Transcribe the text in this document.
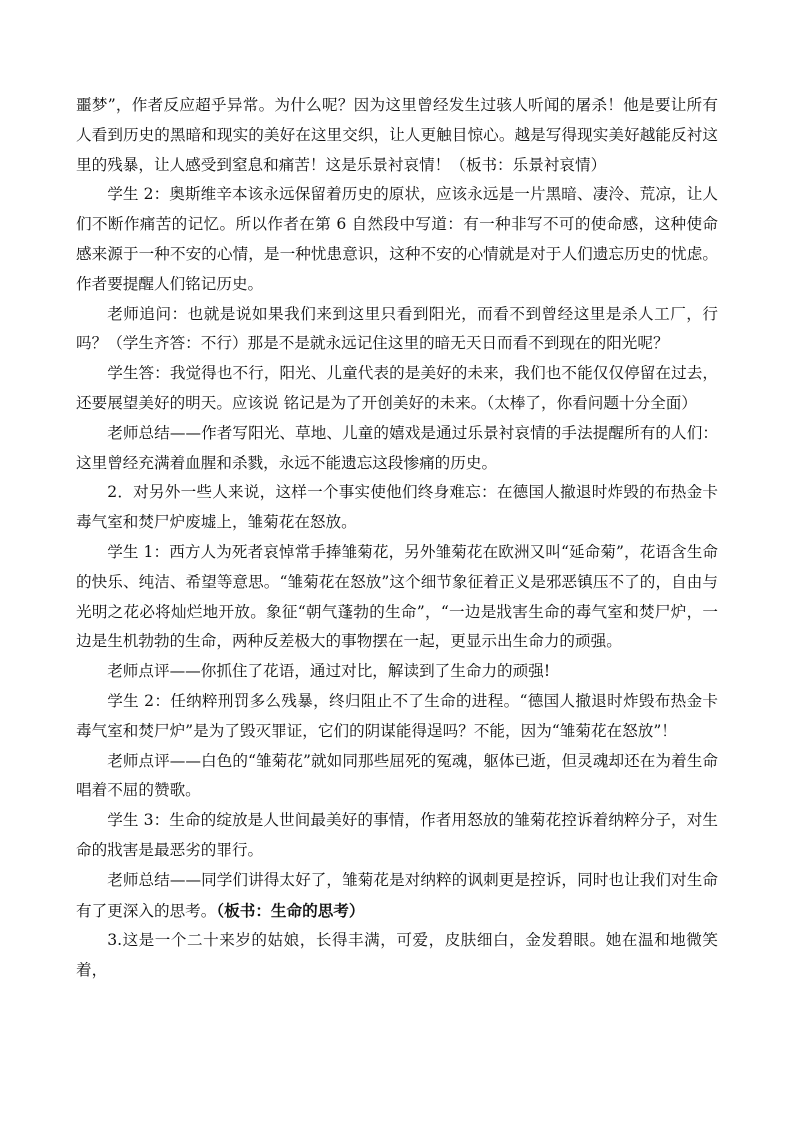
噩梦”，作者反应超乎异常。为什么呢？因为这里曾经发生过骇人听闻的屠杀！他是要让所有人看到历史的黑暗和现实的美好在这里交织，让人更触目惊心。越是写得现实美好越能反衬这里的残暴，让人感受到窒息和痛苦！这是乐景衬哀情！（板书：乐景衬哀情）

学生 2：奥斯维辛本该永远保留着历史的原状，应该永远是一片黑暗、凄泠、荒凉，让人们不断作痛苦的记忆。所以作者在第 6 自然段中写道：有一种非写不可的使命感，这种使命感来源于一种不安的心情，是一种忧患意识，这种不安的心情就是对于人们遗忘历史的忧虑。作者要提醒人们铭记历史。

老师追问：也就是说如果我们来到这里只看到阳光，而看不到曾经这里是杀人工厂，行吗？（学生齐答：不行）那是不是就永远记住这里的暗无天日而看不到现在的阳光呢？

学生答：我觉得也不行，阳光、儿童代表的是美好的未来，我们也不能仅仅停留在过去，还要展望美好的明天。应该说 铭记是为了开创美好的未来。（太棒了，你看问题十分全面）

老师总结——作者写阳光、草地、儿童的嬉戏是通过乐景衬哀情的手法提醒所有的人们：这里曾经充满着血腥和杀戮，永远不能遗忘这段惨痛的历史。

2．对另外一些人来说，这样一个事实使他们终身难忘：在德国人撤退时炸毁的布热金卡毒气室和焚尸炉废墟上，雏菊花在怒放。

学生 1：西方人为死者哀悼常手捧雏菊花，另外雏菊花在欧洲又叫“延命菊”，花语含生命的快乐、纯洁、希望等意思。“雏菊花在怒放”这个细节象征着正义是邪恶镇压不了的，自由与光明之花必将灿烂地开放。象征“朝气蓬勃的生命”，“一边是戕害生命的毒气室和焚尸炉，一边是生机勃勃的生命，两种反差极大的事物摆在一起，更显示出生命力的顽强。

老师点评——你抓住了花语，通过对比，解读到了生命力的顽强!

学生 2：任纳粹刑罚多么残暴，终归阻止不了生命的进程。“德国人撤退时炸毁布热金卡毒气室和焚尸炉”是为了毁灭罪证，它们的阴谋能得逞吗？不能，因为“雏菊花在怒放”！

老师点评——白色的“雏菊花”就如同那些屈死的冤魂，躯体已逝，但灵魂却还在为着生命唱着不屈的赞歌。

学生 3：生命的绽放是人世间最美好的事情，作者用怒放的雏菊花控诉着纳粹分子，对生命的戕害是最恶劣的罪行。

老师总结——同学们讲得太好了，雏菊花是对纳粹的讽刺更是控诉，同时也让我们对生命有了更深入的思考。（板书：生命的思考）

3.这是一个二十来岁的姑娘，长得丰满，可爱，皮肤细白，金发碧眼。她在温和地微笑着，
